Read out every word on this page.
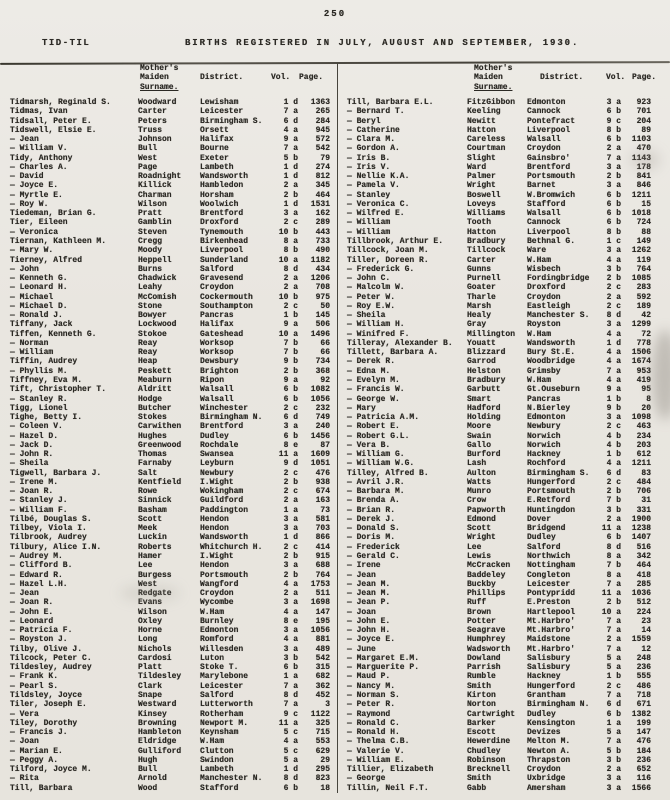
250
TID-TIL	BIRTHS REGISTERED IN JULY, AUGUST AND SEPTEMBER, 1930.
Mother's
Maiden
Surname.
District.	Vol. Page.
Mother's
Maiden
Surname.
District.	Vol. Page.
Tidmarsh, Reginald S.	Woodward	Lewisham	1 d	1363
Tidmas, Ivan	Carter	Leicester	7 a	265
Tidsall, Peter E.	Peters	Birmingham S.	6 d	284
Tidswell, Elsie E.	Truss	Orsett	4 a	945
— Jean	Johnson	Halifax	9 a	572
— William V.	Bull	Bourne	7 a	542
Tidy, Anthony	West	Exeter	5 b	79
— Charles A.	Page	Lambeth	1 d	274
— David	Roadnight	Wandsworth	1 d	812
— Joyce E.	Killick	Hambledon	2 a	345
— Myrtle E.	Charman	Horsham	2 b	464
— Roy W.	Wilson	Woolwich	1 d	1531
Tiedeman, Brian G.	Pratt	Brentford	3 a	162
Tier, Eileen	Gamblin	Droxford	2 c	289
— Veronica	Steven	Tynemouth	10 b	443
Tiernan, Kathleen M.	Cregg	Birkenhead	8 a	733
— Mary W.	Moody	Liverpool	8 b	490
Tierney, Alfred	Heppell	Sunderland	10 a	1182
— John	Burns	Salford	8 d	434
— Kenneth G.	Chadwick	Gravesend	2 a	1206
— Leonard H.	Leahy	Croydon	2 a	708
— Michael	McComish	Cockermouth	10 b	975
— Michael D.	Stone	Southampton	2 c	50
— Ronald J.	Bowyer	Pancras	1 b	145
Tiffany, Jack	Lockwood	Halifax	9 a	506
Tiffen, Kenneth G.	Stokoe	Gateshead	10 a	1496
— Norman	Reay	Worksop	7 b	66
— William	Reay	Worksop	7 b	66
Tiffin, Audrey	Heap	Dewsbury	9 b	734
— Phyllis M.	Peskett	Brighton	2 b	368
Tiffney, Eva M.	Meaburn	Ripon	9 a	92
Tift, Christopher T.	Aldritt	Walsall	6 b	1082
— Stanley R.	Hodge	Walsall	6 b	1056
Tigg, Lionel	Butcher	Winchester	2 c	232
Tighe, Betty I.	Stokes	Birmingham N.	6 d	749
— Coleen V.	Carwithen	Brentford	3 a	240
— Hazel D.	Hughes	Dudley	6 b	1456
— Jack D.	Greenwood	Rochdale	8 e	87
— John R.	Thomas	Swansea	11 a	1609
— Sheila	Farnaby	Leyburn	9 d	1051
Tigwell, Barbara J.	Salt	Newbury	2 c	476
— Irene M.	Kentfield	I.Wight	2 b	938
— Joan R.	Rowe	Wokingham	2 c	674
— Stanley J.	Sinnick	Guildford	2 a	163
— William F.	Basham	Paddington	1 a	73
Tilbé, Douglas S.	Scott	Hendon	3 a	581
Tilbey, Viola I.	Meek	Hendon	3 a	703
Tilbrook, Audrey	Luckin	Wandsworth	1 d	866
Tilbury, Alice I.N.	Roberts	Whitchurch H.	2 c	414
— Audrey M.	Hamer	I.Wight	2 b	915
— Clifford B.	Lee	Hendon	3 a	688
— Edward R.	Burgess	Portsmouth	2 b	764
— Hazel L.H.	West	Wangford	4 a	1753
— Jean	Redgate	Croydon	2 a	511
— Joan R.	Evans	Wycombe	3 a	1698
— John E.	Wilson	W.Ham	4 a	147
— Leonard	Oxley	Burnley	8 e	195
— Patricia F.	Horne	Edmonton	3 a	1056
— Royston J.	Long	Romford	4 a	881
Tilby, Olive J.	Nichols	Willesden	3 a	489
Tilcock, Peter C.	Cardosi	Luton	3 b	542
Tildesley, Audrey	Platt	Stoke T.	6 b	315
— Frank K.	Tildesley	Marylebone	1 a	682
— Pearl S.	Clark	Leicester	7 a	362
Tildsley, Joyce	Snape	Salford	8 d	452
Tiler, Joseph E.	Westward	Lutterworth	7 a	3
— Vera	Kinsey	Rotherham	9 c	1122
Tiley, Dorothy	Browning	Newport M.	11 a	325
— Francis J.	Hambleton	Keynsham	5 c	715
— Joan	Eldridge	W.Ham	4 a	553
— Marian E.	Gulliford	Clutton	5 c	629
— Peggy A.	Hugh	Swindon	5 a	29
Tilford, Joyce M.	Bull	Lambeth	1 d	295
— Rita	Arnold	Manchester N.	8 d	823
Till, Barbara	Wood	Stafford	6 b	18
Till, Barbara E.L.	FitzGibbon	Edmonton	3 a	923
— Bernard T.	Keeling	Cannock	6 b	701
— Beryl	Newitt	Pontefract	9 c	204
— Catherine	Hatton	Liverpool	8 b	89
— Clara M.	Careless	Walsall	6 b	1103
— Gordon A.	Courtman	Croydon	2 a	470
— Iris B.	Slight	Gainsbro'	7 a	1143
— Iris V.	Ward	Brentford	3 a	178
— Nellie K.A.	Palmer	Portsmouth	2 b	841
— Pamela V.	Wright	Barnet	3 a	846
— Stanley	Boswell	W.Bromwich	6 b	1211
— Veronica C.	Loveys	Stafford	6 b	15
— Wilfred E.	Williams	Walsall	6 b	1018
— William	Tooth	Cannock	6 b	724
— William	Hatton	Liverpool	8 b	88
Tillbrook, Arthur E.	Bradbury	Bethnal G.	1 c	149
Tillcock, Joan M.	Tillcock	Ware	3 a	1262
Tiller, Doreen R.	Carter	W.Ham	4 a	119
— Frederick G.	Gunns	Wisbech	3 b	764
— John C.	Purnell	Fordingbridge	2 b	1085
— Malcolm W.	Goater	Droxford	2 c	283
— Peter W.	Tharle	Croydon	2 a	592
— Roy E.W.	Marsh	Eastleigh	2 c	189
— Sheila	Healy	Manchester S.	8 d	42
— William H.	Gray	Royston	3 a	1299
— Winifred F.	Millington	W.Ham	4 a	72
Tilleray, Alexander B.	Youatt	Wandsworth	1 d	778
Tillett, Barbara A.	Blizzard	Bury St.E.	4 a	1506
— Derek R.	Garrod	Woodbridge	4 a	1674
— Edna M.	Helston	Grimsby	7 a	953
— Evelyn M.	Bradbury	W.Ham	4 a	419
— Francis W.	Garbutt	Gt.Ouseburn	9 a	95
— George W.	Smart	Pancras	1 b	8
— Mary	Hadford	N.Bierley	9 b	20
— Patricia A.M.	Holding	Edmonton	3 a	1098
— Robert E.	Moore	Newbury	2 c	463
— Robert G.L.	Swain	Norwich	4 b	234
— Vera B.	Gallo	Norwich	4 b	203
— William G.	Burford	Hackney	1 b	612
— William W.G.	Lash	Rochford	4 a	1211
Tilley, Alfred B.	Aulton	Birmingham S.	6 d	83
— Avril J.R.	Watts	Hungerford	2 c	484
— Barbara M.	Munro	Portsmouth	2 b	706
— Brenda A.	Crow	E.Retford	7 b	31
— Brian R.	Papworth	Huntingdon	3 b	331
— Derek J.	Edmond	Dover	2 a	1900
— Donald S.	Scott	Bridgend	11 a	1238
— Doris M.	Wright	Dudley	6 b	1407
— Frederick	Lee	Salford	8 d	516
— Gerald C.	Lewis	Northwich	8 a	342
— Irene	McCracken	Nottingham	7 b	464
— Jean	Baddeley	Congleton	8 a	418
— Jean M.	Buckby	Leicester	7 a	285
— Jean M.	Phillips	Pontypridd	11 a	1036
— Jean P.	Ruff	E.Preston	2 b	512
— Joan	Brown	Hartlepool	10 a	224
— John E.	Potter	Mt.Harbro'	7 a	23
— John H.	Seagrave	Mt.Harbro'	7 a	14
— Joyce E.	Humphrey	Maidstone	2 a	1559
— June	Wadsworth	Mt.Harbro'	7 a	12
— Margaret E.M.	Dowland	Salisbury	5 a	248
— Marguerite P.	Parrish	Salisbury	5 a	236
— Maud P.	Rumble	Hackney	1 b	555
— Nancy M.	Smith	Hungerford	2 c	486
— Norman S.	Kirton	Grantham	7 a	718
— Peter R.	Norton	Birmingham N.	6 d	671
— Raymond	Cartwright	Dudley	6 b	1382
— Ronald C.	Barker	Kensington	1 a	199
— Ronald H.	Escott	Devizes	5 a	147
— Thelma C.B.	Hewerdine	Melton M.	7 a	476
— Valerie V.	Chudley	Newton A.	5 b	184
— William E.	Robinson	Thrapston	3 b	236
Tillier, Elizabeth	Brecknell	Croydon	2 a	652
— George	Smith	Uxbridge	3 a	116
Tillin, Neil F.T.	Gabb	Amersham	3 a	1566
